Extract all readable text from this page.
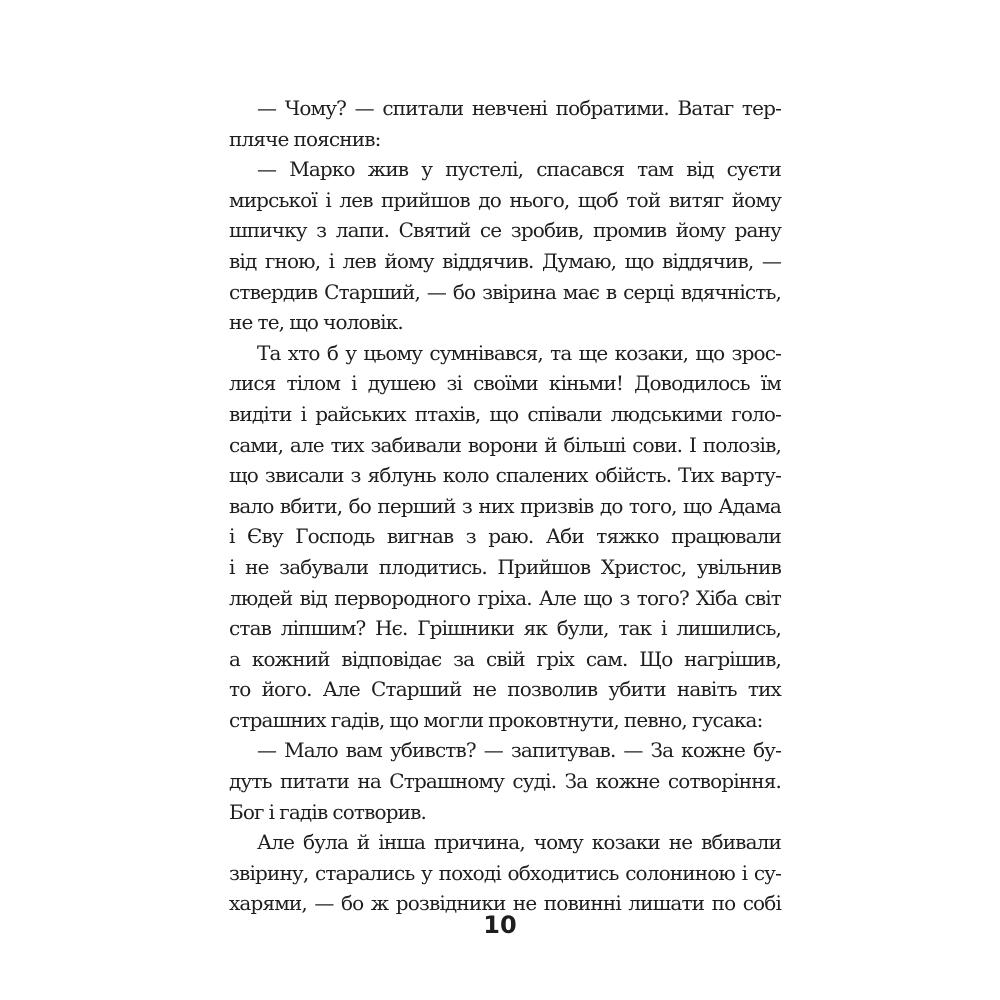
— Чому? — спитали невчені побратими. Ватаг тер-
пляче пояснив:
— Марко жив у пустелі, спасався там від суєти
мирської і лев прийшов до нього, щоб той витяг йому
шпичку з лапи. Святий се зробив, промив йому рану
від гною, і лев йому віддячив. Думаю, що віддячив, —
ствердив Старший, — бо звірина має в серці вдячність,
не те, що чоловік.
Та хто б у цьому сумнівався, та ще козаки, що зрос-
лися тілом і душею зі своїми кіньми! Доводилось їм
видіти і райських птахів, що співали людськими голо-
сами, але тих забивали ворони й більші сови. І полозів,
що звисали з яблунь коло спалених обійсть. Тих варту-
вало вбити, бо перший з них призвів до того, що Адама
і Єву Господь вигнав з раю. Аби тяжко працювали
і не забували плодитись. Прийшов Христос, увільнив
людей від первородного гріха. Але що з того? Хіба світ
став ліпшим? Нє. Грішники як були, так і лишились,
а кожний відповідає за свій гріх сам. Що нагрішив,
то його. Але Старший не позволив убити навіть тих
страшних гадів, що могли проковтнути, певно, гусака:
— Мало вам убивств? — запитував. — За кожне бу-
дуть питати на Страшному суді. За кожне сотворіння.
Бог і гадів сотворив.
Але була й інша причина, чому козаки не вбивали
звірину, старались у поході обходитись солониною і су-
харями, — бо ж розвідники не повинні лишати по собі
10
